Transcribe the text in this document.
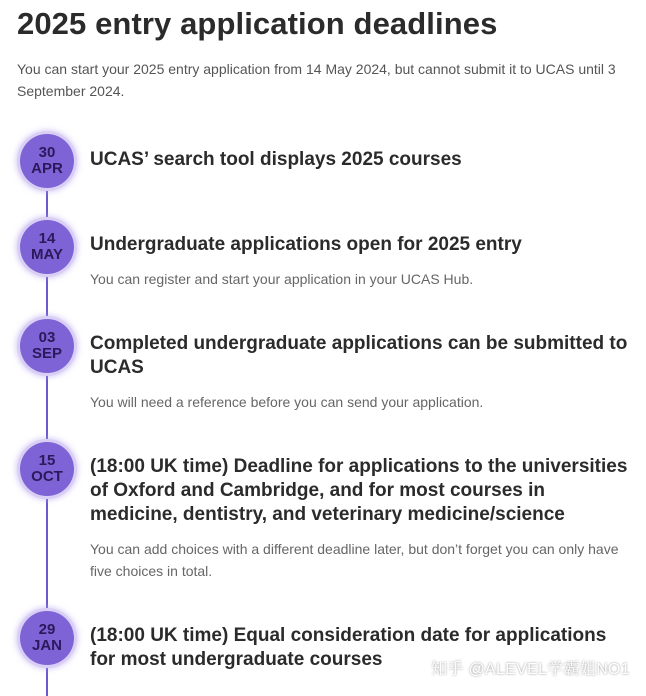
2025 entry application deadlines

You can start your 2025 entry application from 14 May 2024, but cannot submit it to UCAS until 3 September 2024.

30
APR UCAS’ search tool displays 2025 courses
14
MAY Undergraduate applications open for 2025 entry
You can register and start your application in your UCAS Hub.
03
SEP Completed undergraduate applications can be submitted to UCAS
You will need a reference before you can send your application.
15
OCT (18:00 UK time) Deadline for applications to the universities of Oxford and Cambridge, and for most courses in medicine, dentistry, and veterinary medicine/science
You can add choices with a different deadline later, but don’t forget you can only have five choices in total.
29
JAN (18:00 UK time) Equal consideration date for applications for most undergraduate courses	知乎 @ALEVEL学霸姐NO1
